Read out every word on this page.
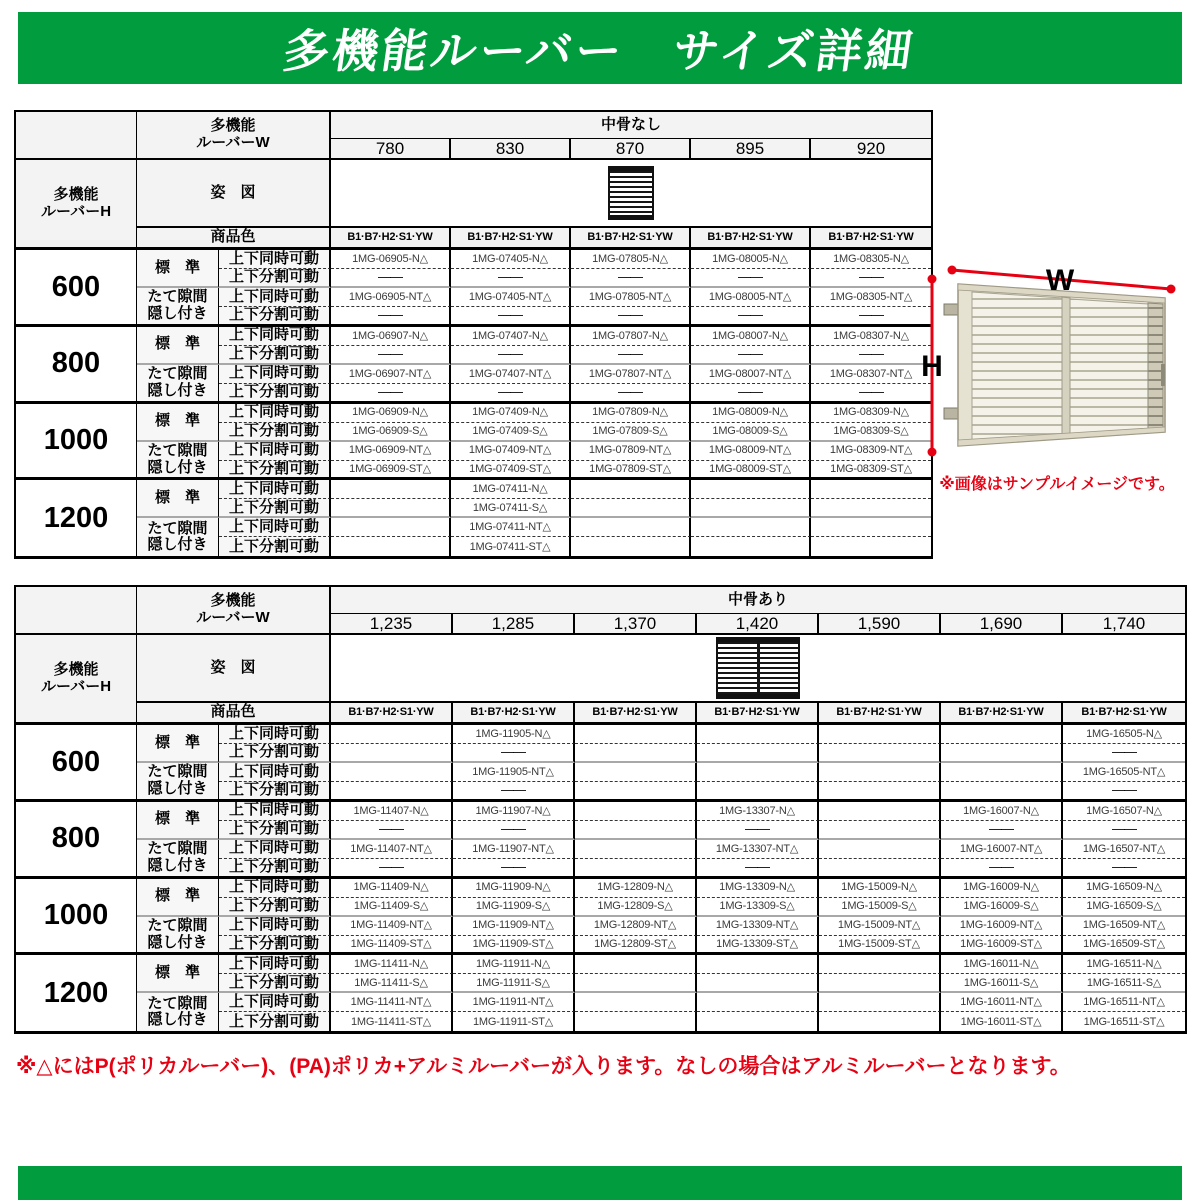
多機能ルーバー　サイズ詳細

	多機能
ルーバーW		中骨なし				
			780	830	870	895	920

多機能
ルーバーH	姿　図						

	商品色		B1·B7·H2·S1·YW	B1·B7·H2·S1·YW	B1·B7·H2·S1·YW	B1·B7·H2·S1·YW	B1·B7·H2·S1·YW
600	標　準	上下同時可動	1MG-06905-N△	1MG-07405-N△	1MG-07805-N△	1MG-08005-N△	1MG-08305-N△
		上下分割可動	——	——	——	——	——

	たて隙間
隠し付き	上下同時可動	1MG-06905-NT△	1MG-07405-NT△	1MG-07805-NT△	1MG-08005-NT△	1MG-08305-NT△
		上下分割可動	——	——	——	——	——
800	標　準	上下同時可動	1MG-06907-N△	1MG-07407-N△	1MG-07807-N△	1MG-08007-N△	1MG-08307-N△
		上下分割可動	——	——	——	——	——

	たて隙間
隠し付き	上下同時可動	1MG-06907-NT△	1MG-07407-NT△	1MG-07807-NT△	1MG-08007-NT△	1MG-08307-NT△
		上下分割可動	——	——	——	——	——
1000	標　準	上下同時可動	1MG-06909-N△	1MG-07409-N△	1MG-07809-N△	1MG-08009-N△	1MG-08309-N△
		上下分割可動	1MG-06909-S△	1MG-07409-S△	1MG-07809-S△	1MG-08009-S△	1MG-08309-S△

	たて隙間
隠し付き	上下同時可動	1MG-06909-NT△	1MG-07409-NT△	1MG-07809-NT△	1MG-08009-NT△	1MG-08309-NT△
		上下分割可動	1MG-06909-ST△	1MG-07409-ST△	1MG-07809-ST△	1MG-08009-ST△	1MG-08309-ST△
1200	標　準	上下同時可動		1MG-07411-N△			
		上下分割可動		1MG-07411-S△			

	たて隙間
隠し付き	上下同時可動		1MG-07411-NT△			
		上下分割可動		1MG-07411-ST△			
W
H
※画像はサンプルイメージです。

	多機能
ルーバーW		中骨あり						
			1,235	1,285	1,370	1,420	1,590	1,690	1,740

多機能
ルーバーH	姿　図								

	商品色		B1·B7·H2·S1·YW	B1·B7·H2·S1·YW	B1·B7·H2·S1·YW	B1·B7·H2·S1·YW	B1·B7·H2·S1·YW	B1·B7·H2·S1·YW	B1·B7·H2·S1·YW
600	標　準	上下同時可動		1MG-11905-N△					1MG-16505-N△
		上下分割可動		——					——

	たて隙間
隠し付き	上下同時可動		1MG-11905-NT△					1MG-16505-NT△
		上下分割可動		——					——
800	標　準	上下同時可動	1MG-11407-N△	1MG-11907-N△		1MG-13307-N△		1MG-16007-N△	1MG-16507-N△
		上下分割可動	——	——		——		——	——

	たて隙間
隠し付き	上下同時可動	1MG-11407-NT△	1MG-11907-NT△		1MG-13307-NT△		1MG-16007-NT△	1MG-16507-NT△
		上下分割可動	——	——		——		——	——
1000	標　準	上下同時可動	1MG-11409-N△	1MG-11909-N△	1MG-12809-N△	1MG-13309-N△	1MG-15009-N△	1MG-16009-N△	1MG-16509-N△
		上下分割可動	1MG-11409-S△	1MG-11909-S△	1MG-12809-S△	1MG-13309-S△	1MG-15009-S△	1MG-16009-S△	1MG-16509-S△

	たて隙間
隠し付き	上下同時可動	1MG-11409-NT△	1MG-11909-NT△	1MG-12809-NT△	1MG-13309-NT△	1MG-15009-NT△	1MG-16009-NT△	1MG-16509-NT△
		上下分割可動	1MG-11409-ST△	1MG-11909-ST△	1MG-12809-ST△	1MG-13309-ST△	1MG-15009-ST△	1MG-16009-ST△	1MG-16509-ST△
1200	標　準	上下同時可動	1MG-11411-N△	1MG-11911-N△				1MG-16011-N△	1MG-16511-N△
		上下分割可動	1MG-11411-S△	1MG-11911-S△				1MG-16011-S△	1MG-16511-S△

	たて隙間
隠し付き	上下同時可動	1MG-11411-NT△	1MG-11911-NT△				1MG-16011-NT△	1MG-16511-NT△
		上下分割可動	1MG-11411-ST△	1MG-11911-ST△				1MG-16011-ST△	1MG-16511-ST△
※△にはP(ポリカルーバー)、(PA)ポリカ+アルミルーバーが入ります。なしの場合はアルミルーバーとなります。
